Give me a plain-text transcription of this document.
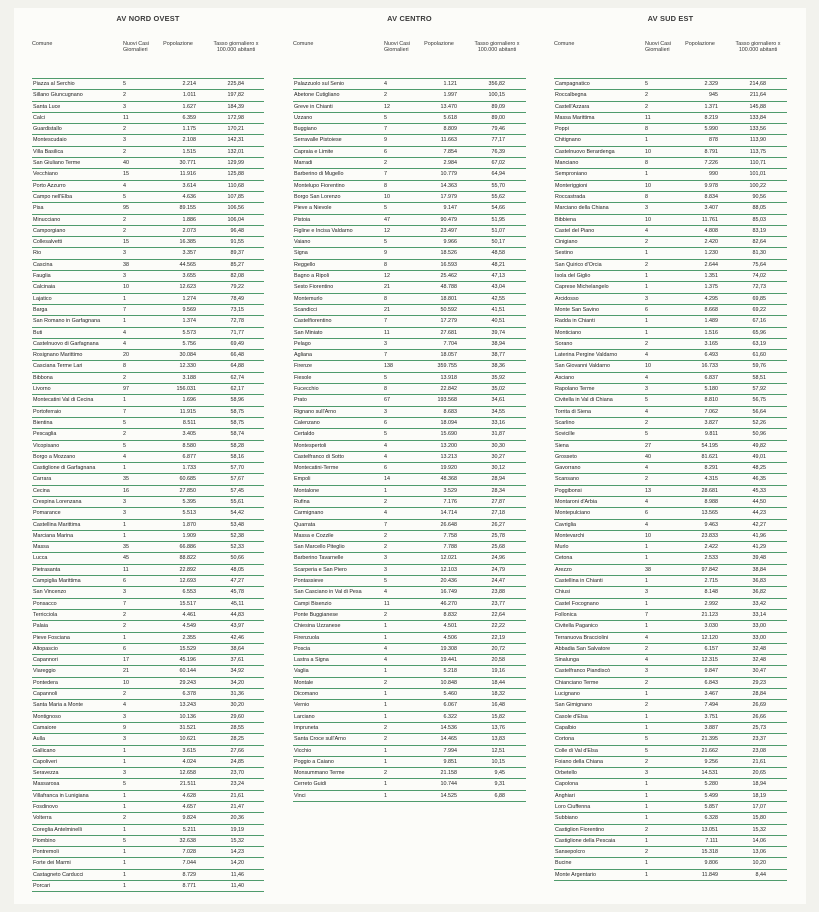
AV NORD OVEST
Comune	Nuovi Casi Giornalieri
Popolazione	Tasso giornaliero x 100.000 abitanti
Piazza al Serchio	5	2.214	225,84
Sillano Giuncugnano	2	1.011	197,82
Santa Luce	3	1.627	184,39
Calci	11	6.359	172,98
Guardistallo	2	1.175	170,21
Montescudaio	3	2.108	142,31
Villa Basilica	2	1.515	132,01
San Giuliano Terme	40	30.771	129,99
Vecchiano	15	11.916	125,88
Porto Azzurro	4	3.614	110,68
Campo nell'Elba	5	4.636	107,85
Pisa	95	89.155	106,56
Minucciano	2	1.886	106,04
Camporgiano	2	2.073	96,48
Collesalvetti	15	16.385	91,55
Rio	3	3.357	89,37
Cascina	38	44.565	85,27
Fauglia	3	3.655	82,08
Calcinaia	10	12.623	79,22
Lajatico	1	1.274	78,49
Barga	7	9.569	73,15
San Romano in Garfagnana	1	1.374	72,78
Buti	4	5.573	71,77
Castelnuovo di Garfagnana	4	5.756	69,49
Rosignano Marittimo	20	30.084	66,48
Casciana Terme Lari	8	12.330	64,88
Bibbona	2	3.188	62,74
Livorno	97	156.031	62,17
Montecatini Val di Cecina	1	1.696	58,96
Portoferraio	7	11.915	58,75
Bientina	5	8.511	58,75
Pescaglia	2	3.405	58,74
Vicopisano	5	8.580	58,28
Borgo a Mozzano	4	6.877	58,16
Castiglione di Garfagnana	1	1.733	57,70
Carrara	35	60.685	57,67
Cecina	16	27.850	57,45
Crespina Lorenzana	3	5.395	55,61
Pomarance	3	5.513	54,42
Castellina Marittima	1	1.870	53,48
Marciana Marina	1	1.909	52,38
Massa	35	66.886	52,33
Lucca	45	88.822	50,66
Pietrasanta	11	22.892	48,05
Campiglia Marittima	6	12.693	47,27
San Vincenzo	3	6.553	45,78
Ponsacco	7	15.517	45,11
Terricciola	2	4.461	44,83
Palaia	2	4.549	43,97
Pieve Fosciana	1	2.355	42,46
Altopascio	6	15.529	38,64
Capannori	17	45.196	37,61
Viareggio	21	60.144	34,92
Pontedera	10	29.243	34,20
Capannoli	2	6.378	31,36
Santa Maria a Monte	4	13.243	30,20
Montignoso	3	10.136	29,60
Camaiore	9	31.521	28,55
Aulla	3	10.621	28,25
Gallicano	1	3.615	27,66
Capoliveri	1	4.024	24,85
Seravezza	3	12.658	23,70
Massarosa	5	21.511	23,24
Villafranca in Lunigiana	1	4.628	21,61
Fosdinovo	1	4.657	21,47
Volterra	2	9.824	20,36
Coreglia Antelminelli	1	5.211	19,19
Piombino	5	32.638	15,32
Pontremoli	1	7.028	14,23
Forte dei Marmi	1	7.044	14,20
Castagneto Carducci	1	8.729	11,46
Porcari	1	8.771	11,40
AV CENTRO
Comune	Nuovi Casi Giornalieri
Popolazione	Tasso giornaliero x 100.000 abitanti
Palazzuolo sul Senio	4	1.121	356,82
Abetone Cutigliano	2	1.997	100,15
Greve in Chianti	12	13.470	89,09
Uzzano	5	5.618	89,00
Buggiano	7	8.809	79,46
Serravalle Pistoiese	9	11.663	77,17
Capraia e Limite	6	7.854	76,39
Marradi	2	2.984	67,02
Barberino di Mugello	7	10.779	64,94
Montelupo Fiorentino	8	14.363	55,70
Borgo San Lorenzo	10	17.979	55,62
Pieve a Nievole	5	9.147	54,66
Pistoia	47	90.479	51,95
Figline e Incisa Valdarno	12	23.497	51,07
Vaiano	5	9.966	50,17
Signa	9	18.526	48,58
Reggello	8	16.593	48,21
Bagno a Ripoli	12	25.462	47,13
Sesto Fiorentino	21	48.788	43,04
Montemurlo	8	18.801	42,55
Scandicci	21	50.592	41,51
Castelfiorentino	7	17.279	40,51
San Miniato	11	27.681	39,74
Pelago	3	7.704	38,94
Agliana	7	18.057	38,77
Firenze	138	359.755	38,36
Fiesole	5	13.918	35,92
Fucecchio	8	22.842	35,02
Prato	67	193.568	34,61
Rignano sull'Arno	3	8.683	34,55
Calenzano	6	18.094	33,16
Certaldo	5	15.690	31,87
Montespertoli	4	13.200	30,30
Castelfranco di Sotto	4	13.213	30,27
Montecatini-Terme	6	19.920	30,12
Empoli	14	48.368	28,94
Montalone	1	3.529	28,34
Rufina	2	7.176	27,87
Carmignano	4	14.714	27,18
Quarrata	7	26.648	26,27
Massa e Cozzile	2	7.758	25,78
San Marcello Piteglio	2	7.788	25,68
Barberino Tavarnelle	3	12.021	24,96
Scarperia e San Piero	3	12.103	24,79
Pontassieve	5	20.436	24,47
San Casciano in Val di Pesa	4	16.749	23,88
Campi Bisenzio	11	46.270	23,77
Ponte Buggianese	2	8.832	22,64
Chiesina Uzzanese	1	4.501	22,22
Firenzuola	1	4.506	22,19
Poscia	4	19.308	20,72
Lastra a Signa	4	19.441	20,58
Vaglia	1	5.218	19,16
Montale	2	10.848	18,44
Dicomano	1	5.460	18,32
Vernio	1	6.067	16,48
Larciano	1	6.322	15,82
Impruneta	2	14.536	13,76
Santa Croce sull'Arno	2	14.465	13,83
Vicchio	1	7.994	12,51
Poggio a Caiano	1	9.851	10,15
Monsummano Terme	2	21.158	9,45
Cerreto Guidi	1	10.744	9,31
Vinci	1	14.525	6,88
AV SUD EST
Comune	Nuovi Casi Giornalieri
Popolazione	Tasso giornaliero x 100.000 abitanti
Campagnatico	5	2.329	214,68
Roccalbegna	2	945	211,64
Castell'Azzara	2	1.371	145,88
Massa Marittima	11	8.219	133,84
Poppi	8	5.990	133,56
Chitignano	1	878	113,90
Castelnuovo Berardenga	10	8.791	113,75
Manciano	8	7.226	110,71
Semproniano	1	990	101,01
Monteriggioni	10	9.978	100,22
Roccastrada	8	8.834	90,56
Marciano della Chiana	3	3.407	88,05
Bibbiena	10	11.761	85,03
Castel del Piano	4	4.808	83,19
Cinigiano	2	2.420	82,64
Sestino	1	1.230	81,30
San Quirico d'Orcia	2	2.644	75,64
Isola del Giglio	1	1.351	74,02
Caprese Michelangelo	1	1.375	72,73
Arcidosso	3	4.295	69,85
Monte San Savino	6	8.668	69,22
Radda in Chianti	1	1.489	67,16
Monticiano	1	1.516	65,96
Sorano	2	3.165	63,19
Laterina Pergine Valdarno	4	6.493	61,60
San Giovanni Valdarno	10	16.733	59,76
Asciano	4	6.837	58,51
Rapolano Terme	3	5.180	57,92
Civitella in Val di Chiana	5	8.810	56,75
Torrita di Siena	4	7.062	56,64
Scarlino	2	3.827	52,26
Sovicille	5	9.811	50,96
Siena	27	54.195	49,82
Grosseto	40	81.621	49,01
Gavorrano	4	8.291	48,25
Scansano	2	4.315	46,35
Poggibonsi	13	28.681	45,33
Montaroni d'Arbia	4	8.988	44,50
Montepulciano	6	13.565	44,23
Cavriglia	4	9.463	42,27
Montevarchi	10	23.833	41,96
Murlo	1	2.422	41,29
Cetona	1	2.533	39,48
Arezzo	38	97.842	38,84
Castellina in Chianti	1	2.715	36,83
Chiusi	3	8.148	36,82
Castel Focognano	1	2.992	33,42
Follonica	7	21.123	33,14
Civitella Paganico	1	3.030	33,00
Terranuova Bracciolini	4	12.120	33,00
Abbadia San Salvatore	2	6.157	32,48
Sinalunga	4	12.315	32,48
Castelfranco Piandiscò	3	9.847	30,47
Chianciano Terme	2	6.843	29,23
Lucignano	1	3.467	28,84
San Gimignano	2	7.494	26,69
Casole d'Elsa	1	3.751	26,66
Capalbio	1	3.887	25,73
Cortona	5	21.395	23,37
Colle di Val d'Elsa	5	21.662	23,08
Foiano della Chiana	2	9.256	21,61
Orbetello	3	14.531	20,65
Capolona	1	5.280	18,94
Anghiari	1	5.499	18,19
Loro Ciuffenna	1	5.857	17,07
Subbiano	1	6.328	15,80
Castiglion Fiorentino	2	13.051	15,32
Castiglione della Pescaia	1	7.111	14,06
Sansepolcro	2	15.318	13,06
Bucine	1	9.806	10,20
Monte Argentario	1	11.849	8,44
